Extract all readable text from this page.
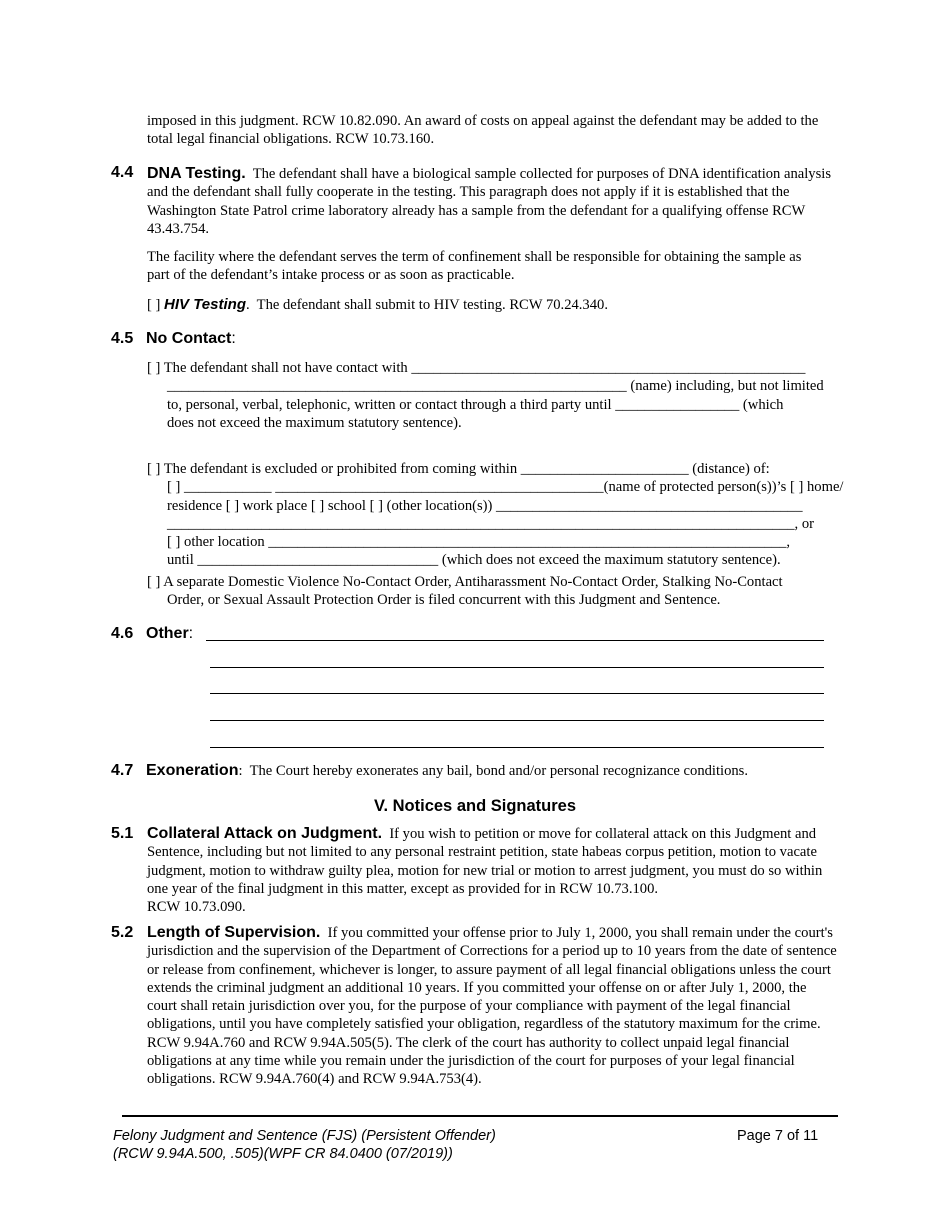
imposed in this judgment. RCW 10.82.090. An award of costs on appeal against the defendant may be added to the total legal financial obligations. RCW 10.73.160.
4.4 DNA Testing. The defendant shall have a biological sample collected for purposes of DNA identification analysis and the defendant shall fully cooperate in the testing. This paragraph does not apply if it is established that the Washington State Patrol crime laboratory already has a sample from the defendant for a qualifying offense RCW 43.43.754.
The facility where the defendant serves the term of confinement shall be responsible for obtaining the sample as part of the defendant’s intake process or as soon as practicable.
[ ] HIV Testing.  The defendant shall submit to HIV testing. RCW 70.24.340.
4.5 No Contact:
[ ] The defendant shall not have contact with ______________________________________________________
_______________________________________________________________ (name) including, but not limited
to, personal, verbal, telephonic, written or contact through a third party until _________________ (which
does not exceed the maximum statutory sentence).
[ ] The defendant is excluded or prohibited from coming within _______________________ (distance) of:
[ ] ____________ _____________________________________________(name of protected person(s))’s [ ] home/
residence [ ] work place [ ] school [ ] (other location(s)) __________________________________________
______________________________________________________________________________________, or
[ ] other location _______________________________________________________________________,
until _________________________________ (which does not exceed the maximum statutory sentence).
[ ] A separate Domestic Violence No-Contact Order, Antiharassment No-Contact Order, Stalking No-Contact
Order, or Sexual Assault Protection Order is filed concurrent with this Judgment and Sentence.
4.6 Other:
4.7 Exoneration:  The Court hereby exonerates any bail, bond and/or personal recognizance conditions.
V. Notices and Signatures
5.1 Collateral Attack on Judgment. If you wish to petition or move for collateral attack on this Judgment and Sentence, including but not limited to any personal restraint petition, state habeas corpus petition, motion to vacate judgment, motion to withdraw guilty plea, motion for new trial or motion to arrest judgment, you must do so within one year of the final judgment in this matter, except as provided for in RCW 10.73.100.
RCW 10.73.090.
5.2 Length of Supervision. If you committed your offense prior to July 1, 2000, you shall remain under the court's jurisdiction and the supervision of the Department of Corrections for a period up to 10 years from the date of sentence or release from confinement, whichever is longer, to assure payment of all legal financial obligations unless the court extends the criminal judgment an additional 10 years. If you committed your offense on or after July 1, 2000, the court shall retain jurisdiction over you, for the purpose of your compliance with payment of the legal financial obligations, until you have completely satisfied your obligation, regardless of the statutory maximum for the crime. RCW 9.94A.760 and RCW 9.94A.505(5). The clerk of the court has authority to collect unpaid legal financial obligations at any time while you remain under the jurisdiction of the court for purposes of your legal financial obligations. RCW 9.94A.760(4) and RCW 9.94A.753(4).
Felony Judgment and Sentence (FJS) (Persistent Offender)
(RCW 9.94A.500, .505)(WPF CR 84.0400 (07/2019))
Page 7 of 11
